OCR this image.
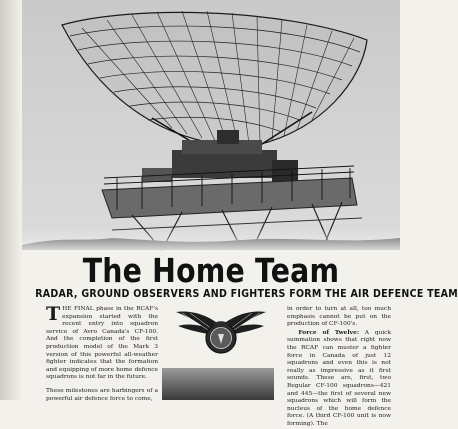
The Home Team
RADAR, GROUND OBSERVERS AND FIGHTERS FORM THE AIR DEFENCE TEAM

THE FINAL phase in the RCAF's expansion started with the recent entry into squadron service of Avro Canada's CF-100. And the completion of the first production model of the Mark 3 version of this powerful all-weather fighter indicates that the formation and equipping of more home defence squadrons is not far in the future.

These milestones are harbingers of a powerful air defence force to come,

in order to turn at all, too much emphasis cannot be put on the production of CF-100's.

Force of Twelve: A quick summation shows that right now the RCAF can muster a fighter force in Canada of just 12 squadrons and even this is not really as impressive as it first sounds. These are, first, two Regular CF-100 squadrons—421 and 445—the first of several new squadrons which will form the nucleus of the home defence force. (A third CF-100 unit is now forming). The
